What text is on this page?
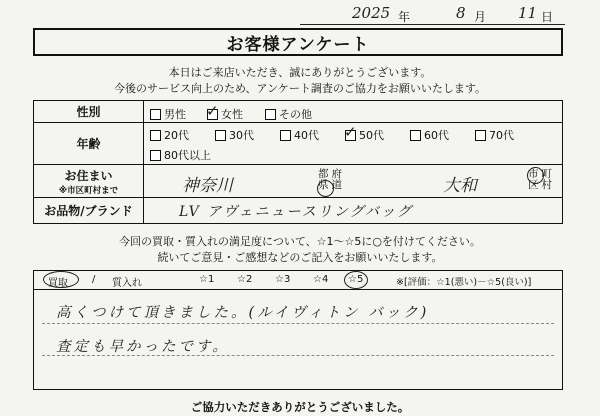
2025 年	8 月 11 日
お客様アンケート
本日はご来店いただき、誠にありがとうございます。
今後のサービス向上のため、アンケート調査のご協力をお願いいたします。
性別	男性 ✓ 女性	その他
年齢
20代	30代	40代 ✓ 50代	60代	70代
80代以上
お住まい
※市区町村まで	神奈川
都府
県道	大和
市町
区村
お品物/ブランド	LV アヴェニュースリングバッグ
今回の買取・質入れの満足度について、☆1～☆5に○を付けてください。
続いてご意見・ご感想などのご記入をお願いいたします。
買取 / 質入れ	☆1 ☆2 ☆3 ☆4 ☆5	※[評価：☆1(悪い)－☆5(良い)]
高くつけて頂きました。(ルイヴィトン バック)
査定も早かったです。
ご協力いただきありがとうございました。
